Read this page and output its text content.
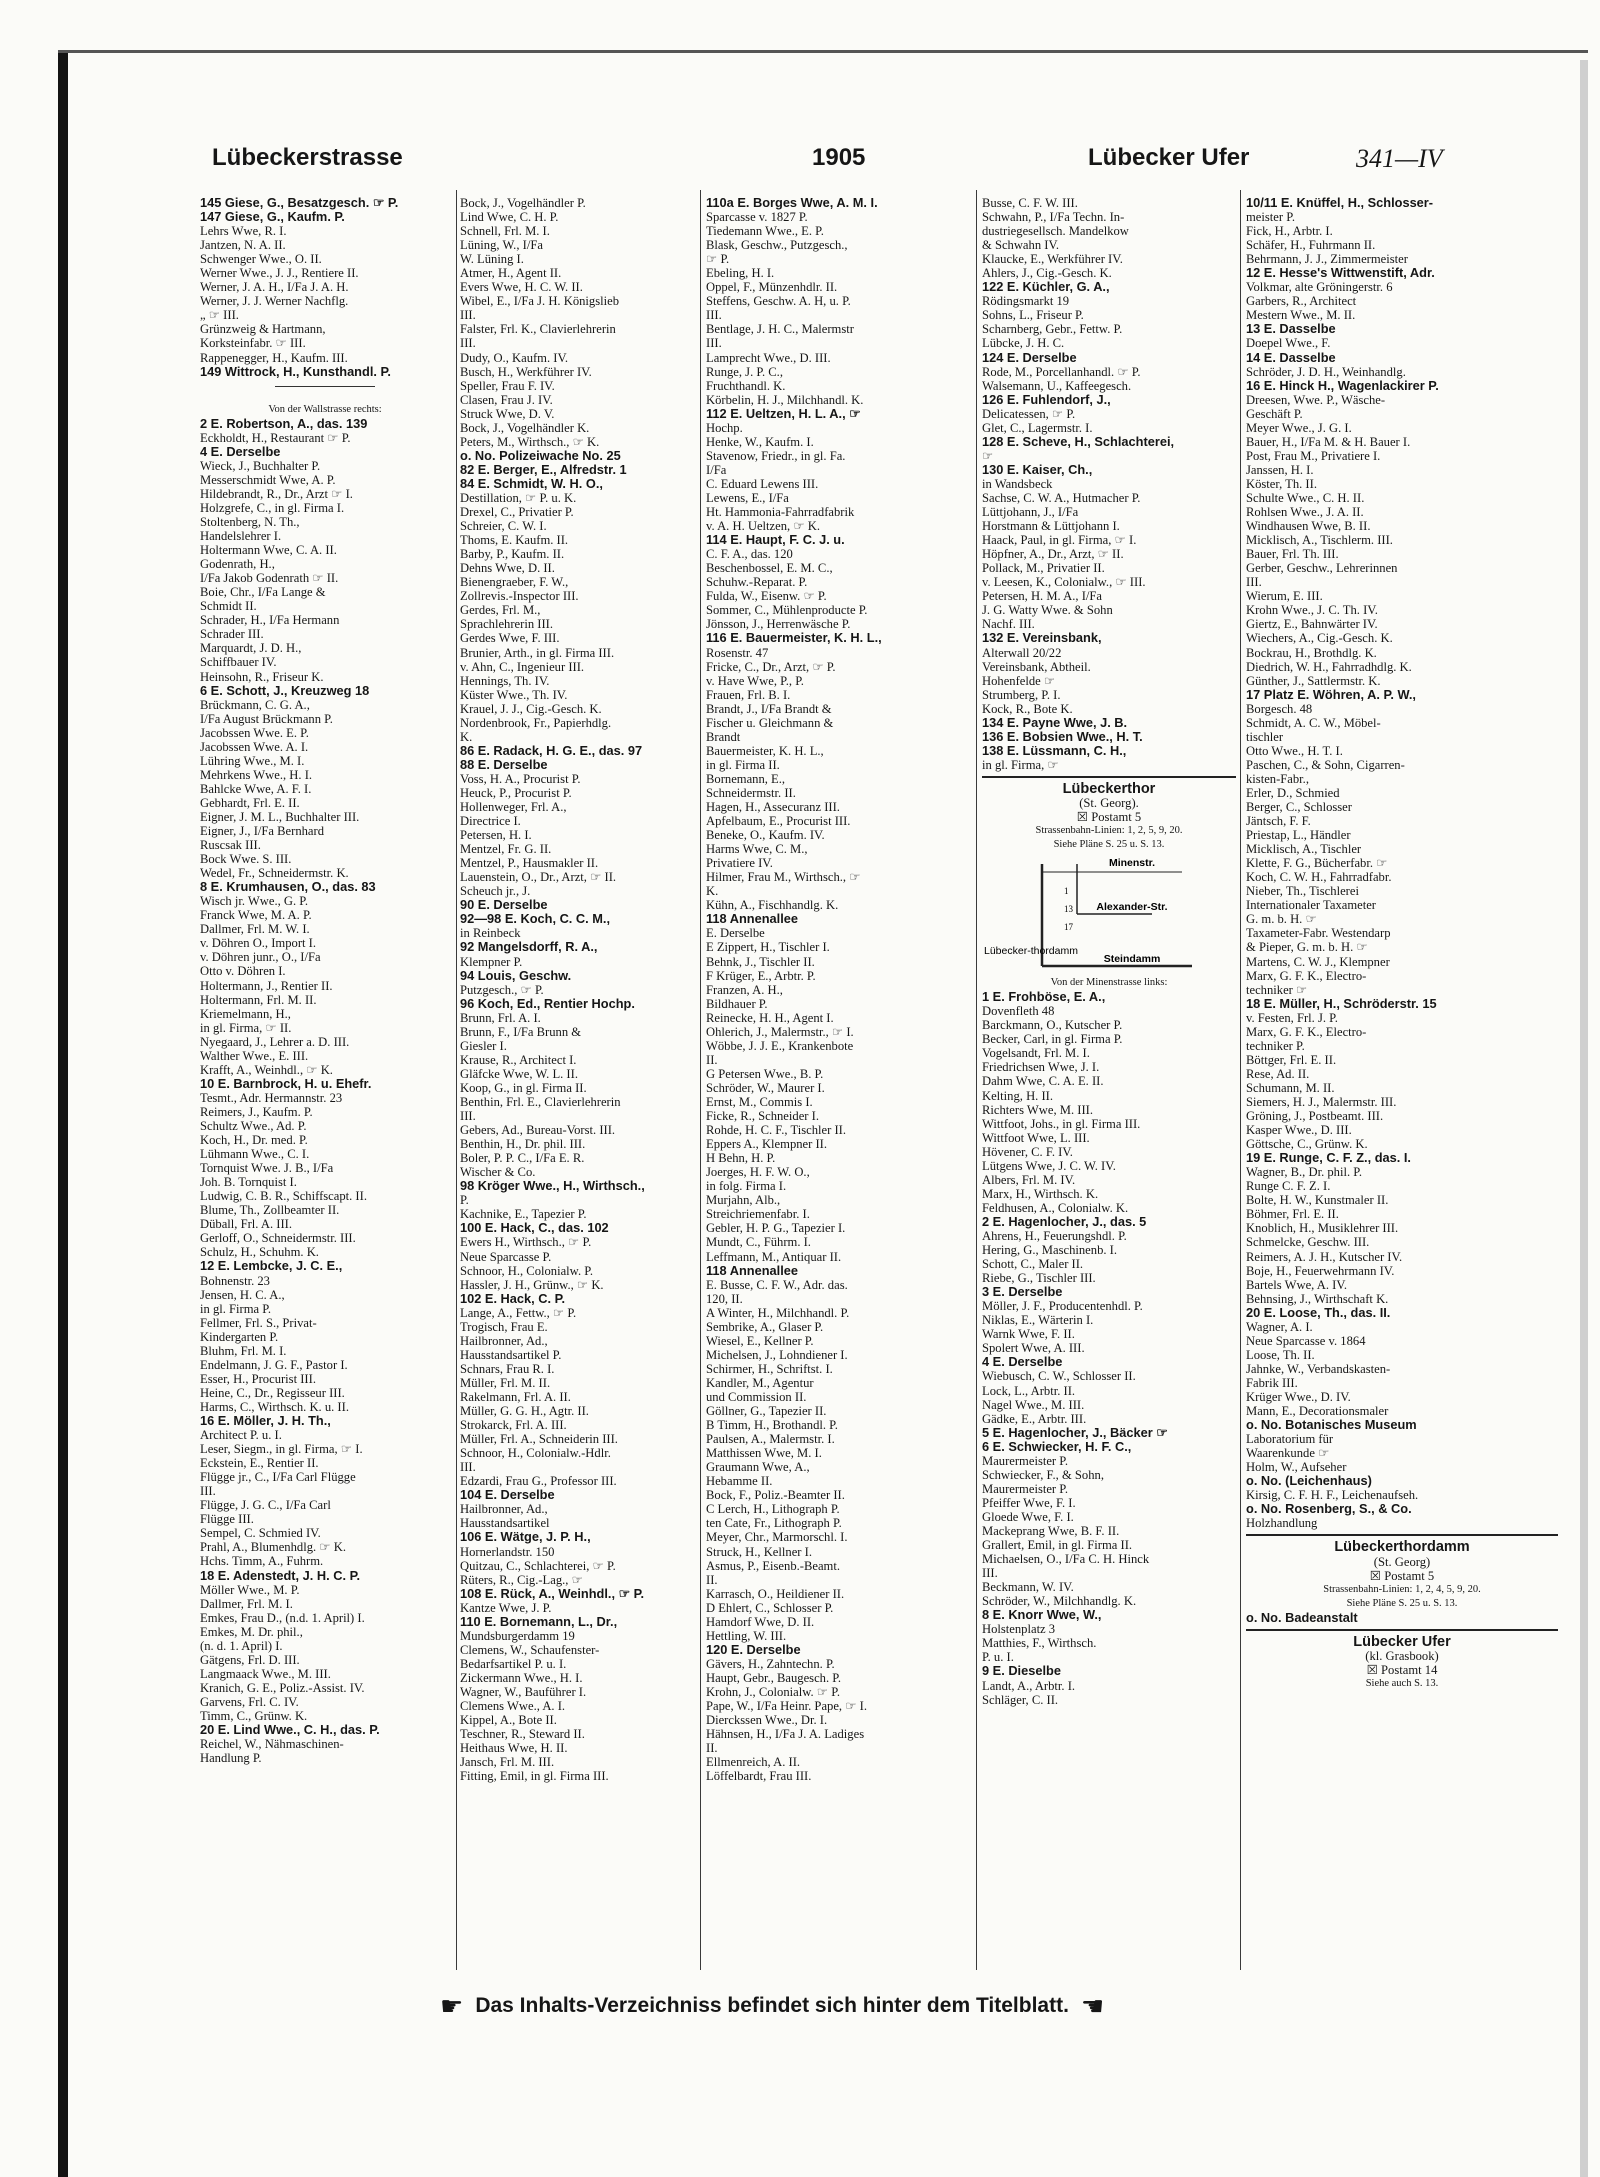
Lübeckerstrasse	1905	Lübecker Ufer	341—IV
145 Giese, G., Besatzgesch. ☞ P.
147 Giese, G., Kaufm. P.
Lehrs Wwe, R. I.
Jantzen, N. A. II.
Schwenger Wwe., O. II.
Werner Wwe., J. J., Rentiere II.
Werner, J. A. H., I/Fa J. A. H.
Werner, J. J. Werner Nachflg.
„ ☞ III.
Grünzweig & Hartmann,
Korksteinfabr. ☞ III.
Rappenegger, H., Kaufm. III.
149 Wittrock, H., Kunsthandl. P.
Von der Wallstrasse rechts:
2 E. Robertson, A., das. 139
Eckholdt, H., Restaurant ☞ P.
4 E. Derselbe
Wieck, J., Buchhalter P.
Messerschmidt Wwe, A. P.
Hildebrandt, R., Dr., Arzt ☞ I.
Holzgrefe, C., in gl. Firma I.
Stoltenberg, N. Th.,
Handelslehrer I.
Holtermann Wwe, C. A. II.
Godenrath, H.,
I/Fa Jakob Godenrath ☞ II.
Boie, Chr., I/Fa Lange &
Schmidt II.
Schrader, H., I/Fa Hermann
Schrader III.
Marquardt, J. D. H.,
Schiffbauer IV.
Heinsohn, R., Friseur K.
6 E. Schott, J., Kreuzweg 18
Brückmann, C. G. A.,
I/Fa August Brückmann P.
Jacobssen Wwe. E. P.
Jacobssen Wwe. A. I.
Lühring Wwe., M. I.
Mehrkens Wwe., H. I.
Bahlcke Wwe, A. F. I.
Gebhardt, Frl. E. II.
Eigner, J. M. L., Buchhalter III.
Eigner, J., I/Fa Bernhard
Ruscsak III.
Bock Wwe. S. III.
Wedel, Fr., Schneidermstr. K.
8 E. Krumhausen, O., das. 83
Wisch jr. Wwe., G. P.
Franck Wwe, M. A. P.
Dallmer, Frl. M. W. I.
v. Döhren O., Import I.
v. Döhren junr., O., I/Fa
Otto v. Döhren I.
Holtermann, J., Rentier II.
Holtermann, Frl. M. II.
Kriemelmann, H.,
in gl. Firma, ☞ II.
Nyegaard, J., Lehrer a. D. III.
Walther Wwe., E. III.
Krafft, A., Weinhdl., ☞ K.
10 E. Barnbrock, H. u. Ehefr.
Tesmt., Adr. Hermannstr. 23
Reimers, J., Kaufm. P.
Schultz Wwe., Ad. P.
Koch, H., Dr. med. P.
Lühmann Wwe., C. I.
Tornquist Wwe. J. B., I/Fa
Joh. B. Tornquist I.
Ludwig, C. B. R., Schiffscapt. II.
Blume, Th., Zollbeamter II.
Düball, Frl. A. III.
Gerloff, O., Schneidermstr. III.
Schulz, H., Schuhm. K.
12 E. Lembcke, J. C. E.,
Bohnenstr. 23
Jensen, H. C. A.,
in gl. Firma P.
Fellmer, Frl. S., Privat-
Kindergarten P.
Bluhm, Frl. M. I.
Endelmann, J. G. F., Pastor I.
Esser, H., Procurist III.
Heine, C., Dr., Regisseur III.
Harms, C., Wirthsch. K. u. II.
16 E. Möller, J. H. Th.,
Architect P. u. I.
Leser, Siegm., in gl. Firma, ☞ I.
Eckstein, E., Rentier II.
Flügge jr., C., I/Fa Carl Flügge
III.
Flügge, J. G. C., I/Fa Carl
Flügge III.
Sempel, C. Schmied IV.
Prahl, A., Blumenhdlg. ☞ K.
Hchs. Timm, A., Fuhrm.
18 E. Adenstedt, J. H. C. P.
Möller Wwe., M. P.
Dallmer, Frl. M. I.
Emkes, Frau D., (n.d. 1. April) I.
Emkes, M. Dr. phil.,
(n. d. 1. April) I.
Gätgens, Frl. D. III.
Langmaack Wwe., M. III.
Kranich, G. E., Poliz.-Assist. IV.
Garvens, Frl. C. IV.
Timm, C., Grünw. K.
20 E. Lind Wwe., C. H., das. P.
Reichel, W., Nähmaschinen-
Handlung P.
Bock, J., Vogelhändler P.
Lind Wwe, C. H. P.
Schnell, Frl. M. I.
Lüning, W., I/Fa
W. Lüning I.
Atmer, H., Agent II.
Evers Wwe, H. C. W. II.
Wibel, E., I/Fa J. H. Königslieb
III.
Falster, Frl. K., Clavierlehrerin
III.
Dudy, O., Kaufm. IV.
Busch, H., Werkführer IV.
Speller, Frau F. IV.
Clasen, Frau J. IV.
Struck Wwe, D. V.
Bock, J., Vogelhändler K.
Peters, M., Wirthsch., ☞ K.
o. No. Polizeiwache No. 25
82 E. Berger, E., Alfredstr. 1
84 E. Schmidt, W. H. O.,
Destillation, ☞ P. u. K.
Drexel, C., Privatier P.
Schreier, C. W. I.
Thoms, E. Kaufm. II.
Barby, P., Kaufm. II.
Dehns Wwe, D. II.
Bienengraeber, F. W.,
Zollrevis.-Inspector III.
Gerdes, Frl. M.,
Sprachlehrerin III.
Gerdes Wwe, F. III.
Brunier, Arth., in gl. Firma III.
v. Ahn, C., Ingenieur III.
Hennings, Th. IV.
Küster Wwe., Th. IV.
Krauel, J. J., Cig.-Gesch. K.
Nordenbrook, Fr., Papierhdlg.
K.
86 E. Radack, H. G. E., das. 97
88 E. Derselbe
Voss, H. A., Procurist P.
Heuck, P., Procurist P.
Hollenweger, Frl. A.,
Directrice I.
Petersen, H. I.
Mentzel, Fr. G. II.
Mentzel, P., Hausmakler II.
Lauenstein, O., Dr., Arzt, ☞ II.
Scheuch jr., J.
90 E. Derselbe
92—98 E. Koch, C. C. M.,
in Reinbeck
92 Mangelsdorff, R. A.,
Klempner P.
94 Louis, Geschw.
Putzgesch., ☞ P.
96 Koch, Ed., Rentier Hochp.
Brunn, Frl. A. I.
Brunn, F., I/Fa Brunn &
Giesler I.
Krause, R., Architect I.
Gläfcke Wwe, W. L. II.
Koop, G., in gl. Firma II.
Benthin, Frl. E., Clavierlehrerin
III.
Gebers, Ad., Bureau-Vorst. III.
Benthin, H., Dr. phil. III.
Boler, P. P. C., I/Fa E. R.
Wischer & Co.
98 Kröger Wwe., H., Wirthsch.,
P.
Kachnike, E., Tapezier P.
100 E. Hack, C., das. 102
Ewers H., Wirthsch., ☞ P.
Neue Sparcasse P.
Schnoor, H., Colonialw. P.
Hassler, J. H., Grünw., ☞ K.
102 E. Hack, C. P.
Lange, A., Fettw., ☞ P.
Trogisch, Frau E.
Hailbronner, Ad.,
Hausstandsartikel P.
Schnars, Frau R. I.
Müller, Frl. M. II.
Rakelmann, Frl. A. II.
Müller, G. G. H., Agtr. II.
Strokarck, Frl. A. III.
Müller, Frl. A., Schneiderin III.
Schnoor, H., Colonialw.-Hdlr.
III.
Edzardi, Frau G., Professor III.
104 E. Derselbe
Hailbronner, Ad.,
Hausstandsartikel
106 E. Wätge, J. P. H.,
Hornerlandstr. 150
Quitzau, C., Schlachterei, ☞ P.
Rüters, R., Cig.-Lag., ☞
108 E. Rück, A., Weinhdl., ☞ P.
Kantze Wwe, J. P.
110 E. Bornemann, L., Dr.,
Mundsburgerdamm 19
Clemens, W., Schaufenster-
Bedarfsartikel P. u. I.
Zickermann Wwe., H. I.
Wagner, W., Bauführer I.
Clemens Wwe., A. I.
Kippel, A., Bote II.
Teschner, R., Steward II.
Heithaus Wwe, H. II.
Jansch, Frl. M. III.
Fitting, Emil, in gl. Firma III.
110a E. Borges Wwe, A. M. I.
Sparcasse v. 1827 P.
Tiedemann Wwe., E. P.
Blask, Geschw., Putzgesch.,
☞ P.
Ebeling, H. I.
Oppel, F., Münzenhdlr. II.
Steffens, Geschw. A. H, u. P.
III.
Bentlage, J. H. C., Malermstr
III.
Lamprecht Wwe., D. III.
Runge, J. P. C.,
Fruchthandl. K.
Körbelin, H. J., Milchhandl. K.
112 E. Ueltzen, H. L. A., ☞
Hochp.
Henke, W., Kaufm. I.
Stavenow, Friedr., in gl. Fa.
I/Fa
C. Eduard Lewens III.
Lewens, E., I/Fa
Ht. Hammonia-Fahrradfabrik
v. A. H. Ueltzen, ☞ K.
114 E. Haupt, F. C. J. u.
C. F. A., das. 120
Beschenbossel, E. M. C.,
Schuhw.-Reparat. P.
Fulda, W., Eisenw. ☞ P.
Sommer, C., Mühlenproducte P.
Jönsson, J., Herrenwäsche P.
116 E. Bauermeister, K. H. L.,
Rosenstr. 47
Fricke, C., Dr., Arzt, ☞ P.
v. Have Wwe, P., P.
Frauen, Frl. B. I.
Brandt, J., I/Fa Brandt &
Fischer u. Gleichmann &
Brandt
Bauermeister, K. H. L.,
in gl. Firma II.
Bornemann, E.,
Schneidermstr. II.
Hagen, H., Assecuranz III.
Apfelbaum, E., Procurist III.
Beneke, O., Kaufm. IV.
Harms Wwe, C. M.,
Privatiere IV.
Hilmer, Frau M., Wirthsch., ☞
K.
Kühn, A., Fischhandlg. K.
118 Annenallee
E. Derselbe
E Zippert, H., Tischler I.
Behnk, J., Tischler II.
F Krüger, E., Arbtr. P.
Franzen, A. H.,
Bildhauer P.
Reinecke, H. H., Agent I.
Ohlerich, J., Malermstr., ☞ I.
Wöbbe, J. J. E., Krankenbote
II.
G Petersen Wwe., B. P.
Schröder, W., Maurer I.
Ernst, M., Commis I.
Ficke, R., Schneider I.
Rohde, H. C. F., Tischler II.
Eppers A., Klempner II.
H Behn, H. P.
Joerges, H. F. W. O.,
in folg. Firma I.
Murjahn, Alb.,
Streichriemenfabr. I.
Gebler, H. P. G., Tapezier I.
Mundt, C., Führm. I.
Leffmann, M., Antiquar II.
118 Annenallee
E. Busse, C. F. W., Adr. das.
120, II.
A Winter, H., Milchhandl. P.
Sembrike, A., Glaser P.
Wiesel, E., Kellner P.
Michelsen, J., Lohndiener I.
Schirmer, H., Schriftst. I.
Kandler, M., Agentur
und Commission II.
Göllner, G., Tapezier II.
B Timm, H., Brothandl. P.
Paulsen, A., Malermstr. I.
Matthissen Wwe, M. I.
Graumann Wwe, A.,
Hebamme II.
Bock, F., Poliz.-Beamter II.
C Lerch, H., Lithograph P.
ten Cate, Fr., Lithograph P.
Meyer, Chr., Marmorschl. I.
Struck, H., Kellner I.
Asmus, P., Eisenb.-Beamt.
II.
Karrasch, O., Heildiener II.
D Ehlert, C., Schlosser P.
Hamdorf Wwe, D. II.
Hettling, W. III.
120 E. Derselbe
Gävers, H., Zahntechn. P.
Haupt, Gebr., Baugesch. P.
Krohn, J., Colonialw. ☞ P.
Pape, W., I/Fa Heinr. Pape, ☞ I.
Dierckssen Wwe., Dr. I.
Hähnsen, H., I/Fa J. A. Ladiges
II.
Ellmenreich, A. II.
Löffelbardt, Frau III.
Busse, C. F. W. III.
Schwahn, P., I/Fa Techn. In-
dustriegesellsch. Mandelkow
& Schwahn IV.
Klaucke, E., Werkführer IV.
Ahlers, J., Cig.-Gesch. K.
122 E. Küchler, G. A.,
Rödingsmarkt 19
Sohns, L., Friseur P.
Scharnberg, Gebr., Fettw. P.
Lübcke, J. H. C.
124 E. Derselbe
Rode, M., Porcellanhandl. ☞ P.
Walsemann, U., Kaffeegesch.
126 E. Fuhlendorf, J.,
Delicatessen, ☞ P.
Glet, C., Lagermstr. I.
128 E. Scheve, H., Schlachterei,
☞
130 E. Kaiser, Ch.,
in Wandsbeck
Sachse, C. W. A., Hutmacher P.
Lüttjohann, J., I/Fa
Horstmann & Lüttjohann I.
Haack, Paul, in gl. Firma, ☞ I.
Höpfner, A., Dr., Arzt, ☞ II.
Pollack, M., Privatier II.
v. Leesen, K., Colonialw., ☞ III.
Petersen, H. M. A., I/Fa
J. G. Watty Wwe. & Sohn
Nachf. III.
132 E. Vereinsbank,
Alterwall 20/22
Vereinsbank, Abtheil.
Hohenfelde ☞
Strumberg, P. I.
Kock, R., Bote K.
134 E. Payne Wwe, J. B.
136 E. Bobsien Wwe., H. T.
138 E. Lüssmann, C. H.,
in gl. Firma, ☞
Lübeckerthor
(St. Georg).
☒ Postamt 5
Strassenbahn-Linien: 1, 2, 5, 9, 20.
Siehe Pläne S. 25 u. S. 13.
Minenstr.
Alexander-Str.
Lübecker-thordamm
Steindamm
1
13
17
Von der Minenstrasse links:
1 E. Frohböse, E. A.,
Dovenfleth 48
Barckmann, O., Kutscher P.
Becker, Carl, in gl. Firma P.
Vogelsandt, Frl. M. I.
Friedrichsen Wwe, J. I.
Dahm Wwe, C. A. E. II.
Kelting, H. II.
Richters Wwe, M. III.
Wittfoot, Johs., in gl. Firma III.
Wittfoot Wwe, L. III.
Hövener, C. F. IV.
Lütgens Wwe, J. C. W. IV.
Albers, Frl. M. IV.
Marx, H., Wirthsch. K.
Feldhusen, A., Colonialw. K.
2 E. Hagenlocher, J., das. 5
Ahrens, H., Feuerungshdl. P.
Hering, G., Maschinenb. I.
Schott, C., Maler II.
Riebe, G., Tischler III.
3 E. Derselbe
Möller, J. F., Producentenhdl. P.
Niklas, E., Wärterin I.
Warnk Wwe, F. II.
Spolert Wwe, A. III.
4 E. Derselbe
Wiebusch, C. W., Schlosser II.
Lock, L., Arbtr. II.
Nagel Wwe., M. III.
Gädke, E., Arbtr. III.
5 E. Hagenlocher, J., Bäcker ☞
6 E. Schwiecker, H. F. C.,
Maurermeister P.
Schwiecker, F., & Sohn,
Maurermeister P.
Pfeiffer Wwe, F. I.
Gloede Wwe, F. I.
Mackeprang Wwe, B. F. II.
Grallert, Emil, in gl. Firma II.
Michaelsen, O., I/Fa C. H. Hinck
III.
Beckmann, W. IV.
Schröder, W., Milchhandlg. K.
8 E. Knorr Wwe, W.,
Holstenplatz 3
Matthies, F., Wirthsch.
P. u. I.
9 E. Dieselbe
Landt, A., Arbtr. I.
Schläger, C. II.
10/11 E. Knüffel, H., Schlosser-
meister P.
Fick, H., Arbtr. I.
Schäfer, H., Fuhrmann II.
Behrmann, J. J., Zimmermeister
12 E. Hesse's Wittwenstift, Adr.
Volkmar, alte Gröningerstr. 6
Garbers, R., Architect
Mestern Wwe., M. II.
13 E. Dasselbe
Doepel Wwe., F.
14 E. Dasselbe
Schröder, J. D. H., Weinhandlg.
16 E. Hinck H., Wagenlackirer P.
Dreesen, Wwe. P., Wäsche-
Geschäft P.
Meyer Wwe., J. G. I.
Bauer, H., I/Fa M. & H. Bauer I.
Post, Frau M., Privatiere I.
Janssen, H. I.
Köster, Th. II.
Schulte Wwe., C. H. II.
Rohlsen Wwe., J. A. II.
Windhausen Wwe, B. II.
Micklisch, A., Tischlerm. III.
Bauer, Frl. Th. III.
Gerber, Geschw., Lehrerinnen
III.
Wierum, E. III.
Krohn Wwe., J. C. Th. IV.
Giertz, E., Bahnwärter IV.
Wiechers, A., Cig.-Gesch. K.
Bockrau, H., Brothdlg. K.
Diedrich, W. H., Fahrradhdlg. K.
Günther, J., Sattlermstr. K.
17 Platz E. Wöhren, A. P. W.,
Borgesch. 48
Schmidt, A. C. W., Möbel-
tischler
Otto Wwe., H. T. I.
Paschen, C., & Sohn, Cigarren-
kisten-Fabr.,
Erler, D., Schmied
Berger, C., Schlosser
Jäntsch, F. F.
Priestap, L., Händler
Micklisch, A., Tischler
Klette, F. G., Bücherfabr. ☞
Koch, C. W. H., Fahrradfabr.
Nieber, Th., Tischlerei
Internationaler Taxameter
G. m. b. H. ☞
Taxameter-Fabr. Westendarp
& Pieper, G. m. b. H. ☞
Martens, C. W. J., Klempner
Marx, G. F. K., Electro-
techniker ☞
18 E. Müller, H., Schröderstr. 15
v. Festen, Frl. J. P.
Marx, G. F. K., Electro-
techniker P.
Böttger, Frl. E. II.
Rese, Ad. II.
Schumann, M. II.
Siemers, H. J., Malermstr. III.
Gröning, J., Postbeamt. III.
Kasper Wwe., D. III.
Göttsche, C., Grünw. K.
19 E. Runge, C. F. Z., das. I.
Wagner, B., Dr. phil. P.
Runge C. F. Z. I.
Bolte, H. W., Kunstmaler II.
Böhmer, Frl. E. II.
Knoblich, H., Musiklehrer III.
Schmelcke, Geschw. III.
Reimers, A. J. H., Kutscher IV.
Boje, H., Feuerwehrmann IV.
Bartels Wwe, A. IV.
Behnsing, J., Wirthschaft K.
20 E. Loose, Th., das. II.
Wagner, A. I.
Neue Sparcasse v. 1864
Loose, Th. II.
Jahnke, W., Verbandskasten-
Fabrik III.
Krüger Wwe., D. IV.
Mann, E., Decorationsmaler
o. No. Botanisches Museum
Laboratorium für
Waarenkunde ☞
Holm, W., Aufseher
o. No. (Leichenhaus)
Kirsig, C. F. H. F., Leichenaufseh.
o. No. Rosenberg, S., & Co.
Holzhandlung
Lübeckerthordamm
(St. Georg)
☒ Postamt 5
Strassenbahn-Linien: 1, 2, 4, 5, 9, 20.
Siehe Pläne S. 25 u. S. 13.
o. No. Badeanstalt
Lübecker Ufer
(kl. Grasbook)
☒ Postamt 14
Siehe auch S. 13.
☛ Das Inhalts-Verzeichniss befindet sich hinter dem Titelblatt. ☚
